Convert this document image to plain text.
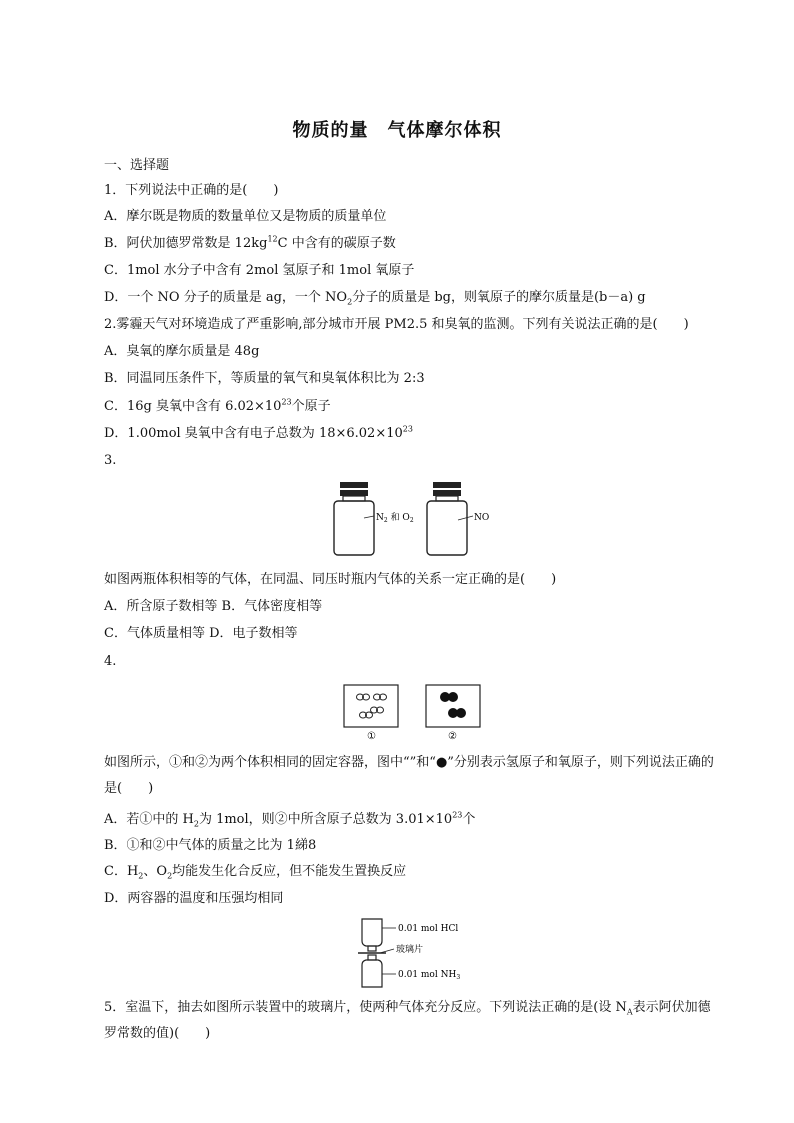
物质的量　气体摩尔体积
一、选择题
1．下列说法中正确的是(　　)
A．摩尔既是物质的数量单位又是物质的质量单位
B．阿伏加德罗常数是 $12kg^{12}C$ 中含有的碳原子数
C．1mol 水分子中含有 2mol 氢原子和 1mol 氧原子
D．一个 NO 分子的质量是 ag，一个 $NO_2$分子的质量是 bg，则氧原子的摩尔质量是(b－a) g
2.雾霾天气对环境造成了严重影响,部分城市开展 PM2.5 和臭氧的监测。下列有关说法正确的是(　　)
A．臭氧的摩尔质量是 48g
B．同温同压条件下，等质量的氧气和臭氧体积比为 2:3
C．16g 臭氧中含有 $6.02\times 10^{23}$个原子
D．1.00mol 臭氧中含有电子总数为 $18\times 6.02\times 10^{23}$
3.
$N_2$ 和 $O_2$	NO
如图两瓶体积相等的气体，在同温、同压时瓶内气体的关系一定正确的是(　　)
A．所含原子数相等 B．气体密度相等
C．气体质量相等 D．电子数相等
4.
①	②
如图所示，①和②为两个体积相同的固定容器，图中“”和“●”分别表示氢原子和氧原子，则下列说法正确的是(　　)
A．若①中的 $H_2$为 1mol，则②中所含原子总数为 $3.01\times 10^{23}$个
B．①和②中气体的质量之比为 1綈8
C．$H_2$、$O_2$均能发生化合反应，但不能发生置换反应
D．两容器的温度和压强均相同
0.01 mol HCl
玻璃片
0.01 mol $NH_3$
5．室温下，抽去如图所示装置中的玻璃片，使两种气体充分反应。下列说法正确的是(设 $N_A$表示阿伏加德罗常数的值)(　　)
